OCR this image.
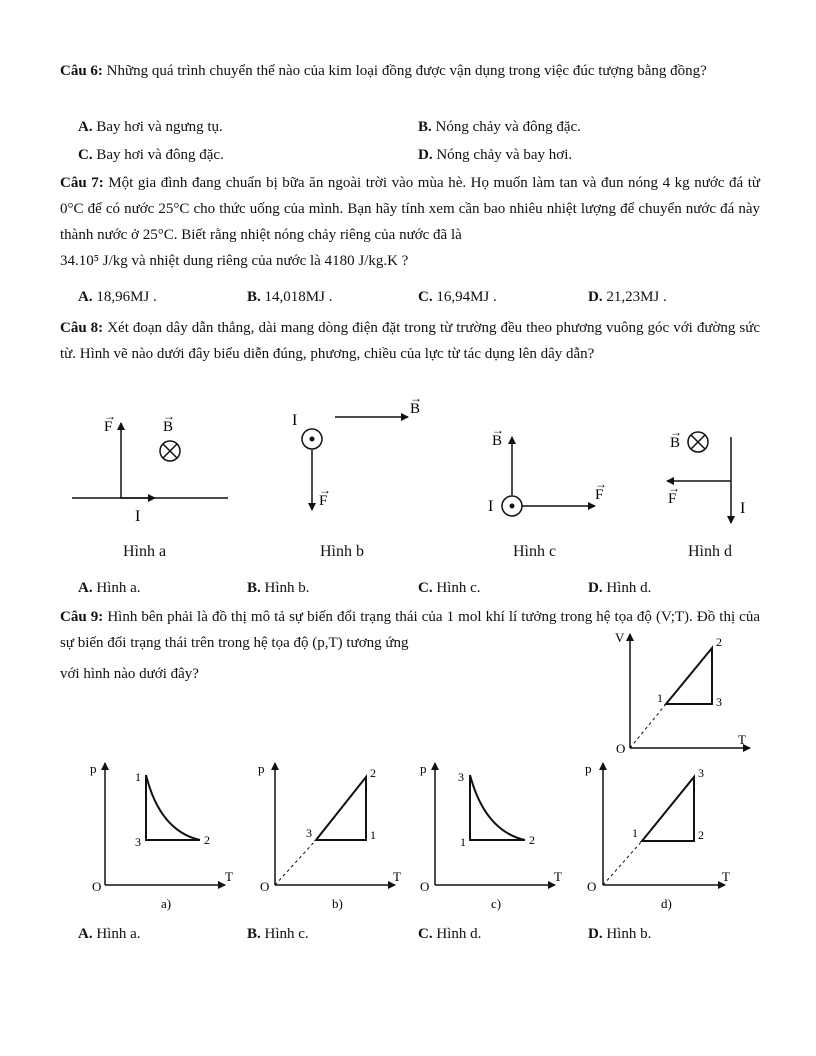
Câu 6: Những quá trình chuyển thể nào của kim loại đồng được vận dụng trong việc đúc tượng bằng đồng?
A. Bay hơi và ngưng tụ.	B. Nóng chảy và đông đặc.
C. Bay hơi và đông đặc.	D. Nóng chảy và bay hơi.
Câu 7: Một gia đình đang chuẩn bị bữa ăn ngoài trời vào mùa hè. Họ muốn làm tan và đun nóng 4 kg nước đá từ 0°C để có nước 25°C cho thức uống của mình. Bạn hãy tính xem cần bao nhiêu nhiệt lượng để chuyển nước đá này thành nước ở 25°C. Biết rằng nhiệt nóng chảy riêng của nước đã là
34.10⁵ J/kg và nhiệt dung riêng của nước là 4180 J/kg.K ?
A. 18,96MJ .	B. 14,018MJ .	C. 16,94MJ .	D. 21,23MJ .
Câu 8: Xét đoạn dây dẫn thẳng, dài mang dòng điện đặt trong từ trường đều theo phương vuông góc với đường sức từ. Hình vẽ nào dưới đây biểu diễn đúng, phương, chiều của lực từ tác dụng lên dây dẫn?
F
→
B
→
I
I
B
→
F
→
B
→
I
F
→
B
→
F
→
I
Hình a	Hình b	Hình c	Hình d
A. Hình a.	B. Hình b.	C. Hình c.	D. Hình d.
Câu 9: Hình bên phải là đồ thị mô tả sự biến đổi trạng thái của 1 mol khí lí tưởng trong hệ tọa độ (V;T). Đồ thị của sự biến đổi trạng thái trên trong hệ tọa độ (p,T) tương ứng
với hình nào dưới đây?
V
T
O
1
2
3
p
T
O
1
2
3
a)
p
T
O
2
1
3
b)
p
T
O
3
2
1
c)
p
T
O
1	2
3
d)
A. Hình a.	B. Hình c.	C. Hình d.	D. Hình b.
